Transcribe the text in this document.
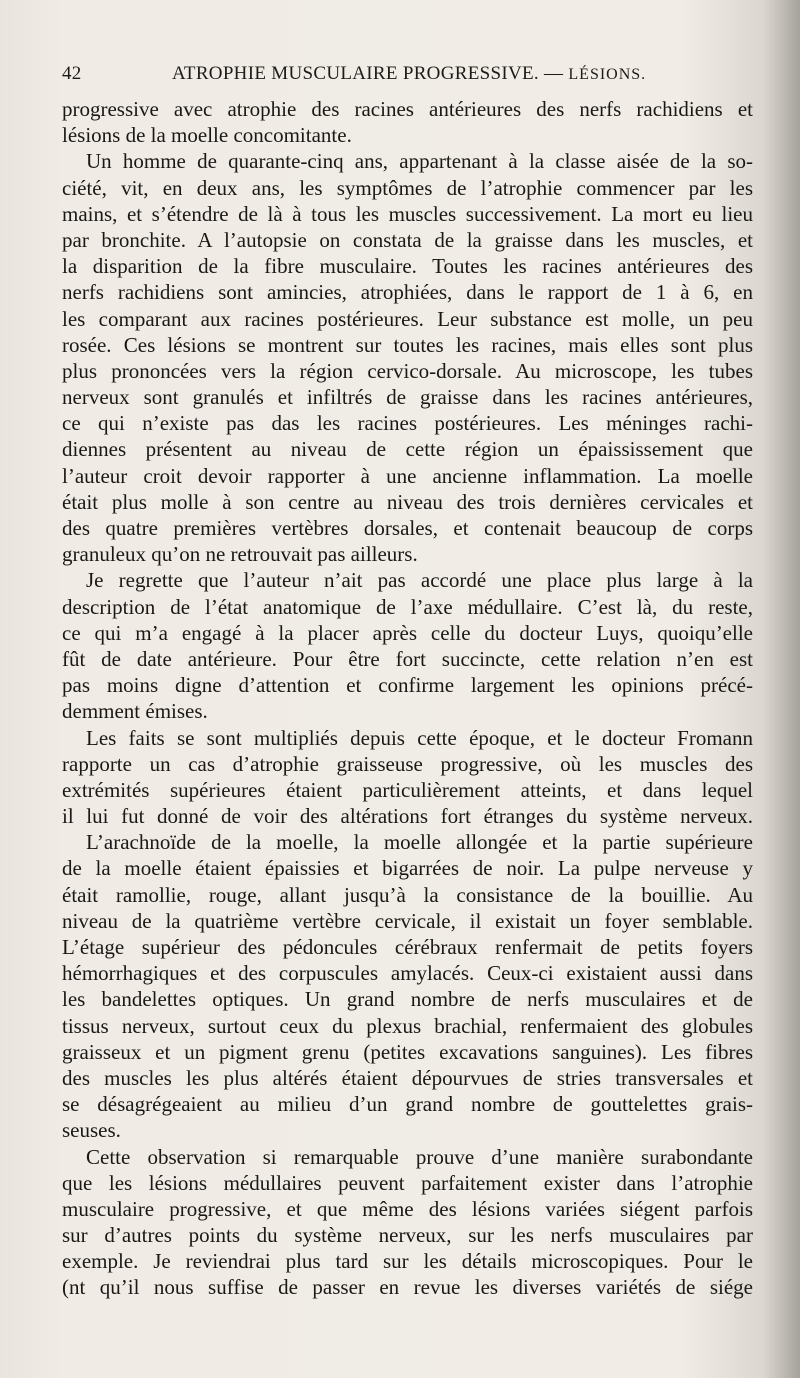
42	ATROPHIE MUSCULAIRE PROGRESSIVE. — LÉSIONS.
progressive avec atrophie des racines antérieures des nerfs rachidiens et
lésions de la moelle concomitante.
Un homme de quarante-cinq ans, appartenant à la classe aisée de la so-
ciété, vit, en deux ans, les symptômes de l’atrophie commencer par les
mains, et s’étendre de là à tous les muscles successivement. La mort eu lieu
par bronchite. A l’autopsie on constata de la graisse dans les muscles, et
la disparition de la fibre musculaire. Toutes les racines antérieures des
nerfs rachidiens sont amincies, atrophiées, dans le rapport de 1 à 6, en
les comparant aux racines postérieures. Leur substance est molle, un peu
rosée. Ces lésions se montrent sur toutes les racines, mais elles sont plus
plus prononcées vers la région cervico-dorsale. Au microscope, les tubes
nerveux sont granulés et infiltrés de graisse dans les racines antérieures,
ce qui n’existe pas das les racines postérieures. Les méninges rachi-
diennes présentent au niveau de cette région un épaississement que
l’auteur croit devoir rapporter à une ancienne inflammation. La moelle
était plus molle à son centre au niveau des trois dernières cervicales et
des quatre premières vertèbres dorsales, et contenait beaucoup de corps
granuleux qu’on ne retrouvait pas ailleurs.
Je regrette que l’auteur n’ait pas accordé une place plus large à la
description de l’état anatomique de l’axe médullaire. C’est là, du reste,
ce qui m’a engagé à la placer après celle du docteur Luys, quoiqu’elle
fût de date antérieure. Pour être fort succincte, cette relation n’en est
pas moins digne d’attention et confirme largement les opinions précé-
demment émises.
Les faits se sont multipliés depuis cette époque, et le docteur Fromann
rapporte un cas d’atrophie graisseuse progressive, où les muscles des
extrémités supérieures étaient particulièrement atteints, et dans lequel
il lui fut donné de voir des altérations fort étranges du système nerveux.
L’arachnoïde de la moelle, la moelle allongée et la partie supérieure
de la moelle étaient épaissies et bigarrées de noir. La pulpe nerveuse y
était ramollie, rouge, allant jusqu’à la consistance de la bouillie. Au
niveau de la quatrième vertèbre cervicale, il existait un foyer semblable.
L’étage supérieur des pédoncules cérébraux renfermait de petits foyers
hémorrhagiques et des corpuscules amylacés. Ceux-ci existaient aussi dans
les bandelettes optiques. Un grand nombre de nerfs musculaires et de
tissus nerveux, surtout ceux du plexus brachial, renfermaient des globules
graisseux et un pigment grenu (petites excavations sanguines). Les fibres
des muscles les plus altérés étaient dépourvues de stries transversales et
se désagrégeaient au milieu d’un grand nombre de gouttelettes grais-
seuses.
Cette observation si remarquable prouve d’une manière surabondante
que les lésions médullaires peuvent parfaitement exister dans l’atrophie
musculaire progressive, et que même des lésions variées siégent parfois
sur d’autres points du système nerveux, sur les nerfs musculaires par
exemple. Je reviendrai plus tard sur les détails microscopiques. Pour le
(nt qu’il nous suffise de passer en revue les diverses variétés de siége
